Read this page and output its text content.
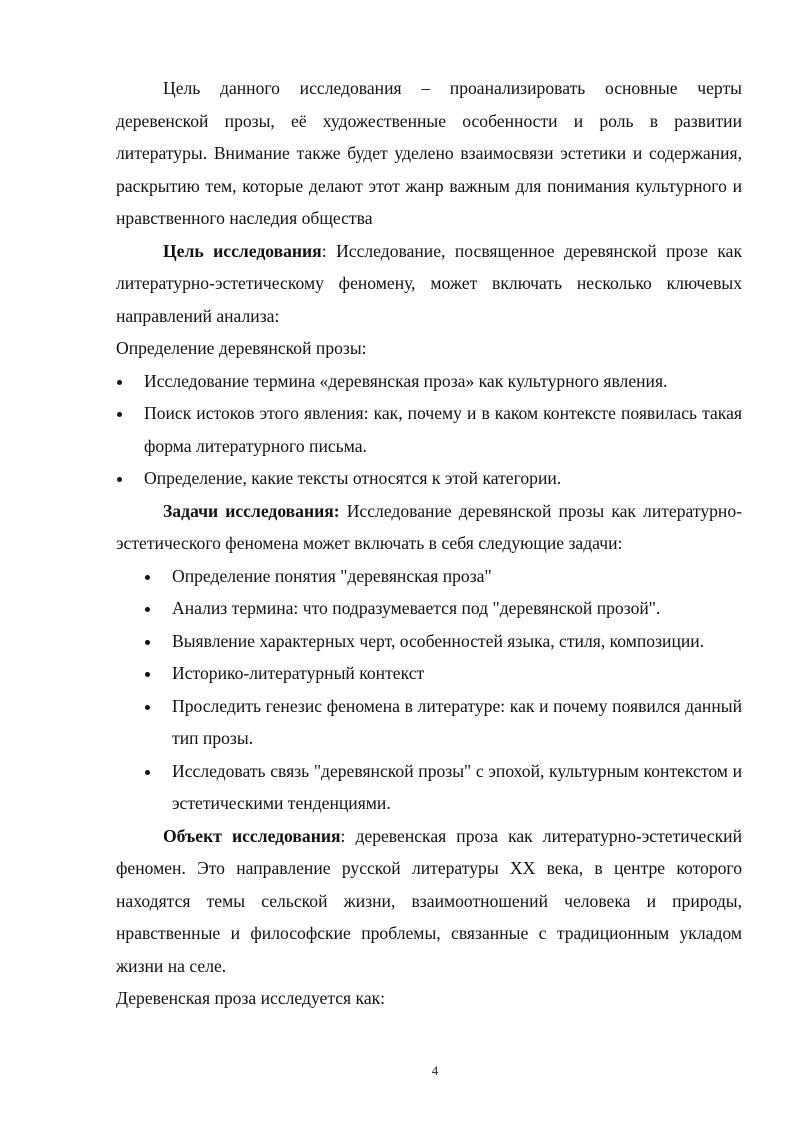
Цель данного исследования – проанализировать основные черты деревенской прозы, её художественные особенности и роль в развитии литературы. Внимание также будет уделено взаимосвязи эстетики и содержания, раскрытию тем, которые делают этот жанр важным для понимания культурного и нравственного наследия общества

Цель исследования: Исследование, посвященное деревянской прозе как литературно-эстетическому феномену, может включать несколько ключевых направлений анализа:

Определение деревянской прозы:

Исследование термина «деревянская проза» как культурного явления.
Поиск истоков этого явления: как, почему и в каком контексте появилась такая форма литературного письма.
Определение, какие тексты относятся к этой категории.

Задачи исследования: Исследование деревянской прозы как литературно-эстетического феномена может включать в себя следующие задачи:

Определение понятия "деревянская проза"
Анализ термина: что подразумевается под "деревянской прозой".
Выявление характерных черт, особенностей языка, стиля, композиции.
Историко-литературный контекст
Проследить генезис феномена в литературе: как и почему появился данный тип прозы.
Исследовать связь "деревянской прозы" с эпохой, культурным контекстом и эстетическими тенденциями.

Объект исследования: деревенская проза как литературно-эстетический феномен. Это направление русской литературы XX века, в центре которого находятся темы сельской жизни, взаимоотношений человека и природы, нравственные и философские проблемы, связанные с традиционным укладом жизни на селе.

Деревенская проза исследуется как:

4
